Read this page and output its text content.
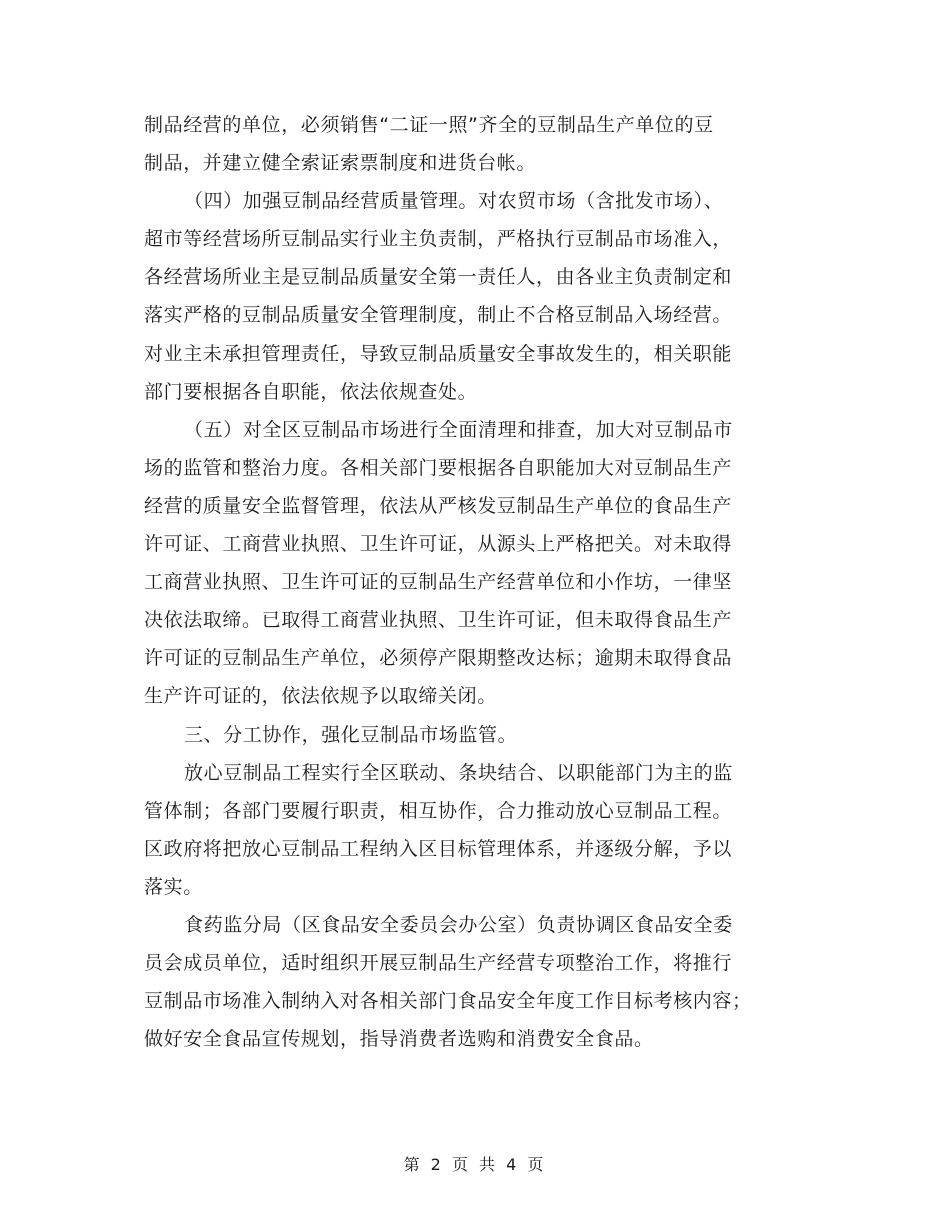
制品经营的单位，必须销售“二证一照”齐全的豆制品生产单位的豆
制品，并建立健全索证索票制度和进货台帐。
（四）加强豆制品经营质量管理。对农贸市场（含批发市场）、
超市等经营场所豆制品实行业主负责制，严格执行豆制品市场准入，
各经营场所业主是豆制品质量安全第一责任人，由各业主负责制定和
落实严格的豆制品质量安全管理制度，制止不合格豆制品入场经营。
对业主未承担管理责任，导致豆制品质量安全事故发生的，相关职能
部门要根据各自职能，依法依规查处。
（五）对全区豆制品市场进行全面清理和排查，加大对豆制品市
场的监管和整治力度。各相关部门要根据各自职能加大对豆制品生产
经营的质量安全监督管理，依法从严核发豆制品生产单位的食品生产
许可证、工商营业执照、卫生许可证，从源头上严格把关。对未取得
工商营业执照、卫生许可证的豆制品生产经营单位和小作坊，一律坚
决依法取缔。已取得工商营业执照、卫生许可证，但未取得食品生产
许可证的豆制品生产单位，必须停产限期整改达标；逾期未取得食品
生产许可证的，依法依规予以取缔关闭。
三、分工协作，强化豆制品市场监管。
放心豆制品工程实行全区联动、条块结合、以职能部门为主的监
管体制；各部门要履行职责，相互协作，合力推动放心豆制品工程。
区政府将把放心豆制品工程纳入区目标管理体系，并逐级分解，予以
落实。
食药监分局（区食品安全委员会办公室）负责协调区食品安全委
员会成员单位，适时组织开展豆制品生产经营专项整治工作，将推行
豆制品市场准入制纳入对各相关部门食品安全年度工作目标考核内容；
做好安全食品宣传规划，指导消费者选购和消费安全食品。
第 2 页 共 4 页
